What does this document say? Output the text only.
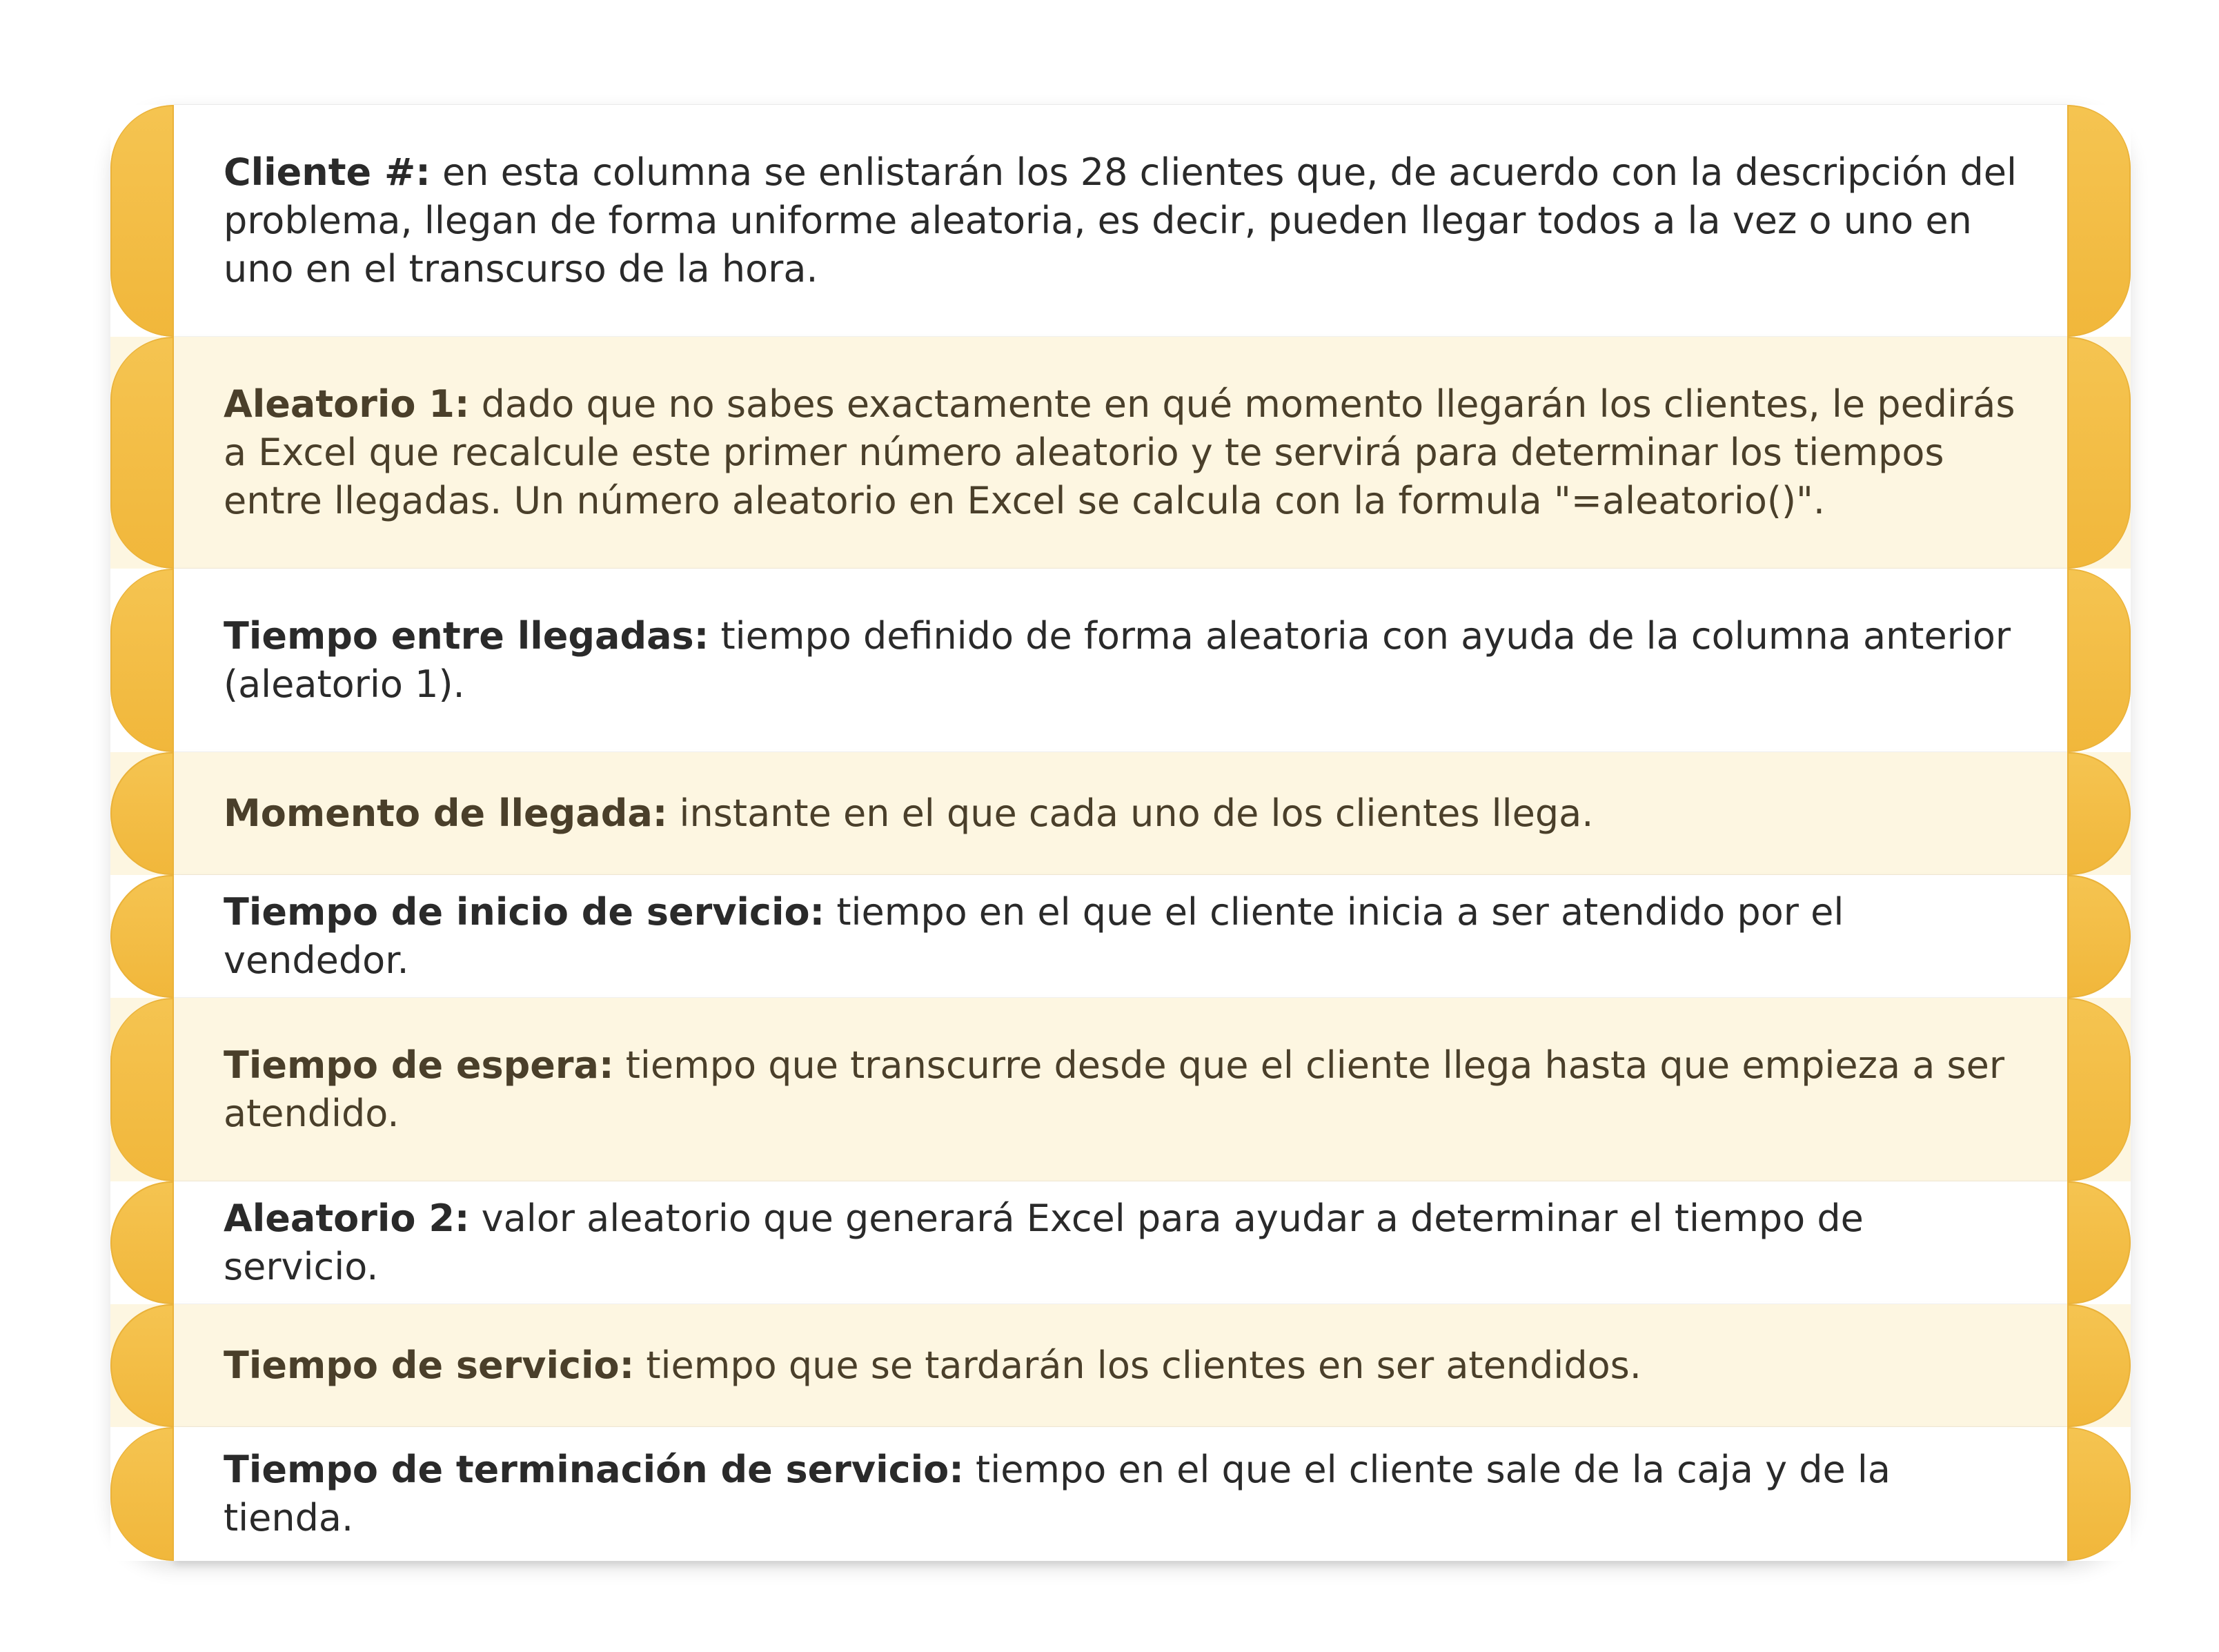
Cliente #: en esta columna se enlistarán los 28 clientes que, de acuerdo con la descripción del problema, llegan de forma uniforme aleatoria, es decir, pueden llegar todos a la vez o uno en uno en el transcurso de la hora.
Aleatorio 1: dado que no sabes exactamente en qué momento llegarán los clientes, le pedirás a Excel que recalcule este primer número aleatorio y te servirá para determinar los tiempos entre llegadas. Un número aleatorio en Excel se calcula con la formula "=aleatorio()".
Tiempo entre llegadas: tiempo definido de forma aleatoria con ayuda de la columna anterior (aleatorio 1).
Momento de llegada: instante en el que cada uno de los clientes llega.
Tiempo de inicio de servicio: tiempo en el que el cliente inicia a ser atendido por el vendedor.
Tiempo de espera: tiempo que transcurre desde que el cliente llega hasta que empieza a ser atendido.
Aleatorio 2: valor aleatorio que generará Excel para ayudar a determinar el tiempo de servicio.
Tiempo de servicio: tiempo que se tardarán los clientes en ser atendidos.
Tiempo de terminación de servicio: tiempo en el que el cliente sale de la caja y de la tienda.
